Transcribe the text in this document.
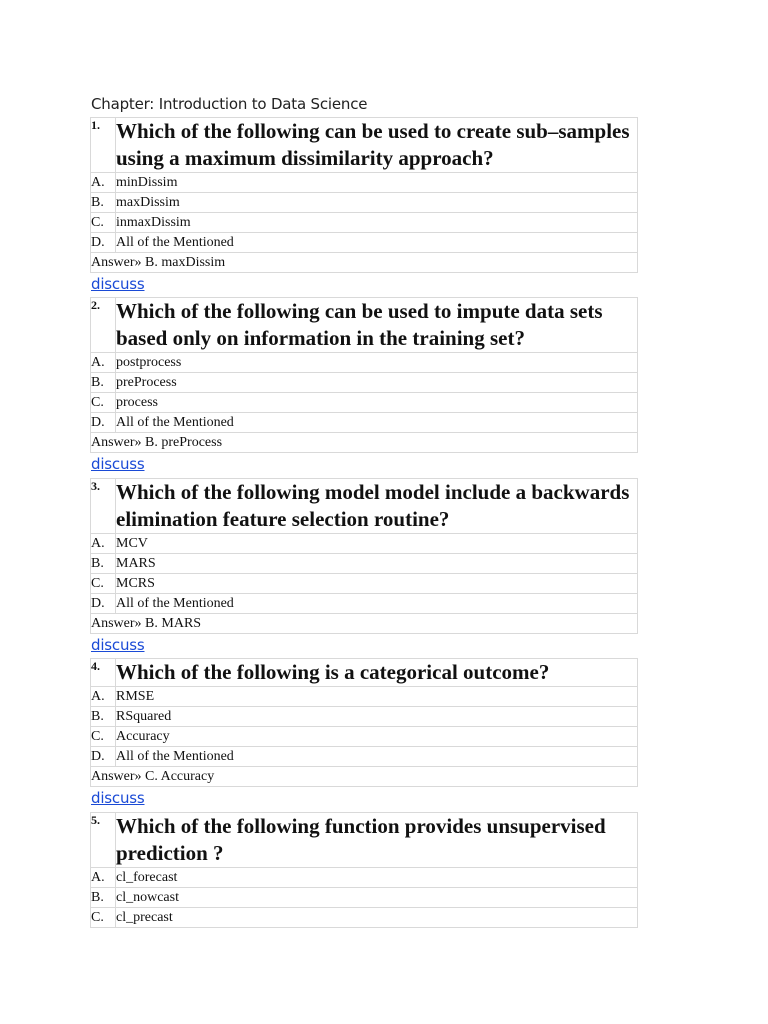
Chapter: Introduction to Data Science
1.	Which of the following can be used to create sub–samples using a maximum dissimilarity approach?
A.	minDissim
B.	maxDissim
C.	inmaxDissim
D.	All of the Mentioned
Answer» B. maxDissim	
discuss
2.	Which of the following can be used to impute data sets based only on information in the training set?
A.	postprocess
B.	preProcess
C.	process
D.	All of the Mentioned
Answer» B. preProcess	
discuss
3.	Which of the following model model include a backwards elimination feature selection routine?
A.	MCV
B.	MARS
C.	MCRS
D.	All of the Mentioned
Answer» B. MARS	
discuss
4.	Which of the following is a categorical outcome?
A.	RMSE
B.	RSquared
C.	Accuracy
D.	All of the Mentioned
Answer» C. Accuracy	
discuss
5.	Which of the following function provides unsupervised prediction ?
A.	cl_forecast
B.	cl_nowcast
C.	cl_precast
